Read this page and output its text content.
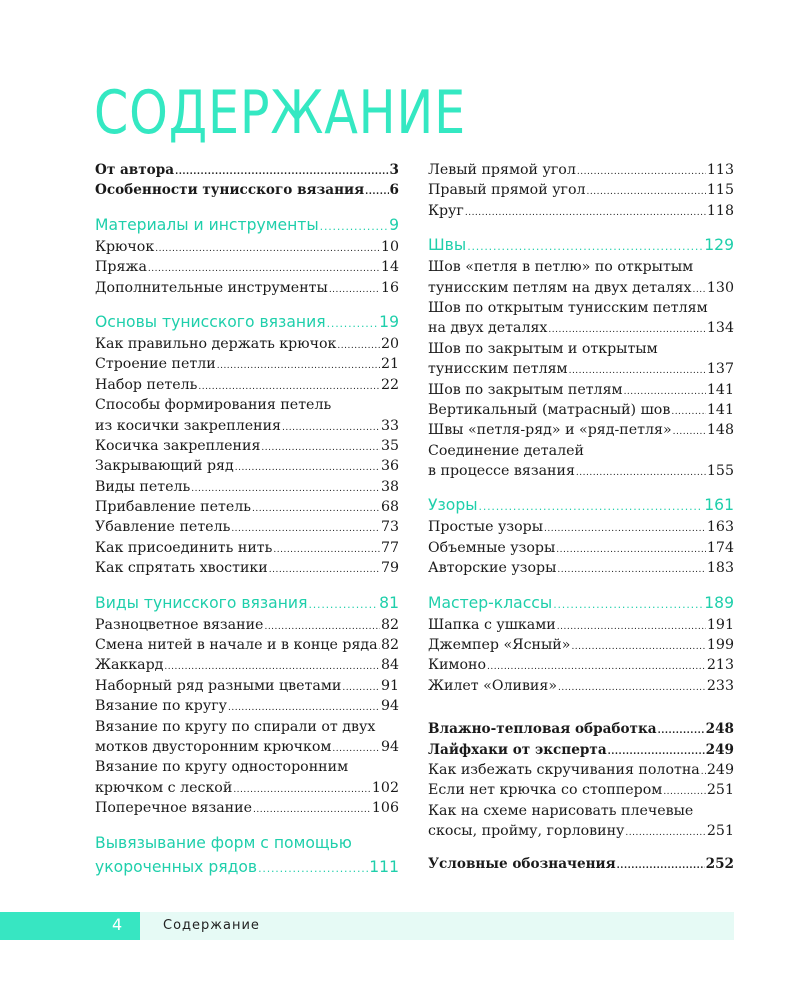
СОДЕРЖАНИЕ
От автора .....	3
Особенности тунисского вязания ..... 6
Материалы и инструменты .....	9
Крючок .....	10
Пряжа .....	14
Дополнительные инструменты .....	16
Основы тунисского вязания .....	19
Как правильно держать крючок .....	20
Строение петли .....	21
Набор петель .....	22
Способы формирования петель
из косички закрепления .....	33
Косичка закрепления .....	35
Закрывающий ряд .....	36
Виды петель .....	38
Прибавление петель .....	68
Убавление петель .....	73
Как присоединить нить .....	77
Как спрятать хвостики .....	79
Виды тунисского вязания .....	81
Разноцветное вязание .....	82
Смена нитей в начале и в конце ряда ..... 82
Жаккард .....	84
Наборный ряд разными цветами .....	91
Вязание по кругу .....	94
Вязание по кругу по спирали от двух
мотков двусторонним крючком .....	94
Вязание по кругу односторонним
крючком с леской .....	102
Поперечное вязание .....	106
Вывязывание форм с помощью
укороченных рядов .....	111
Левый прямой угол .....	113
Правый прямой угол .....	115
Круг .....	118
Швы .....	129
Шов «петля в петлю» по открытым
тунисским петлям на двух деталях ..... 130
Шов по открытым тунисским петлям
на двух деталях .....	134
Шов по закрытым и открытым
тунисским петлям .....	137
Шов по закрытым петлям .....	141
Вертикальный (матрасный) шов .....	141
Швы «петля-ряд» и «ряд-петля» ..... 148
Соединение деталей
в процессе вязания .....	155
Узоры .....	161
Простые узоры .....	163
Объемные узоры .....	174
Авторские узоры .....	183
Мастер-классы .....	189
Шапка с ушками .....	191
Джемпер «Ясный» .....	199
Кимоно .....	213
Жилет «Оливия» .....	233
Влажно-тепловая обработка .....	248
Лайфхаки от эксперта .....	249
Как избежать скручивания полотна ..... 249
Если нет крючка со стоппером .....	251
Как на схеме нарисовать плечевые
скосы, пройму, горловину .....	251
Условные обозначения .....	252
4	Содержание
